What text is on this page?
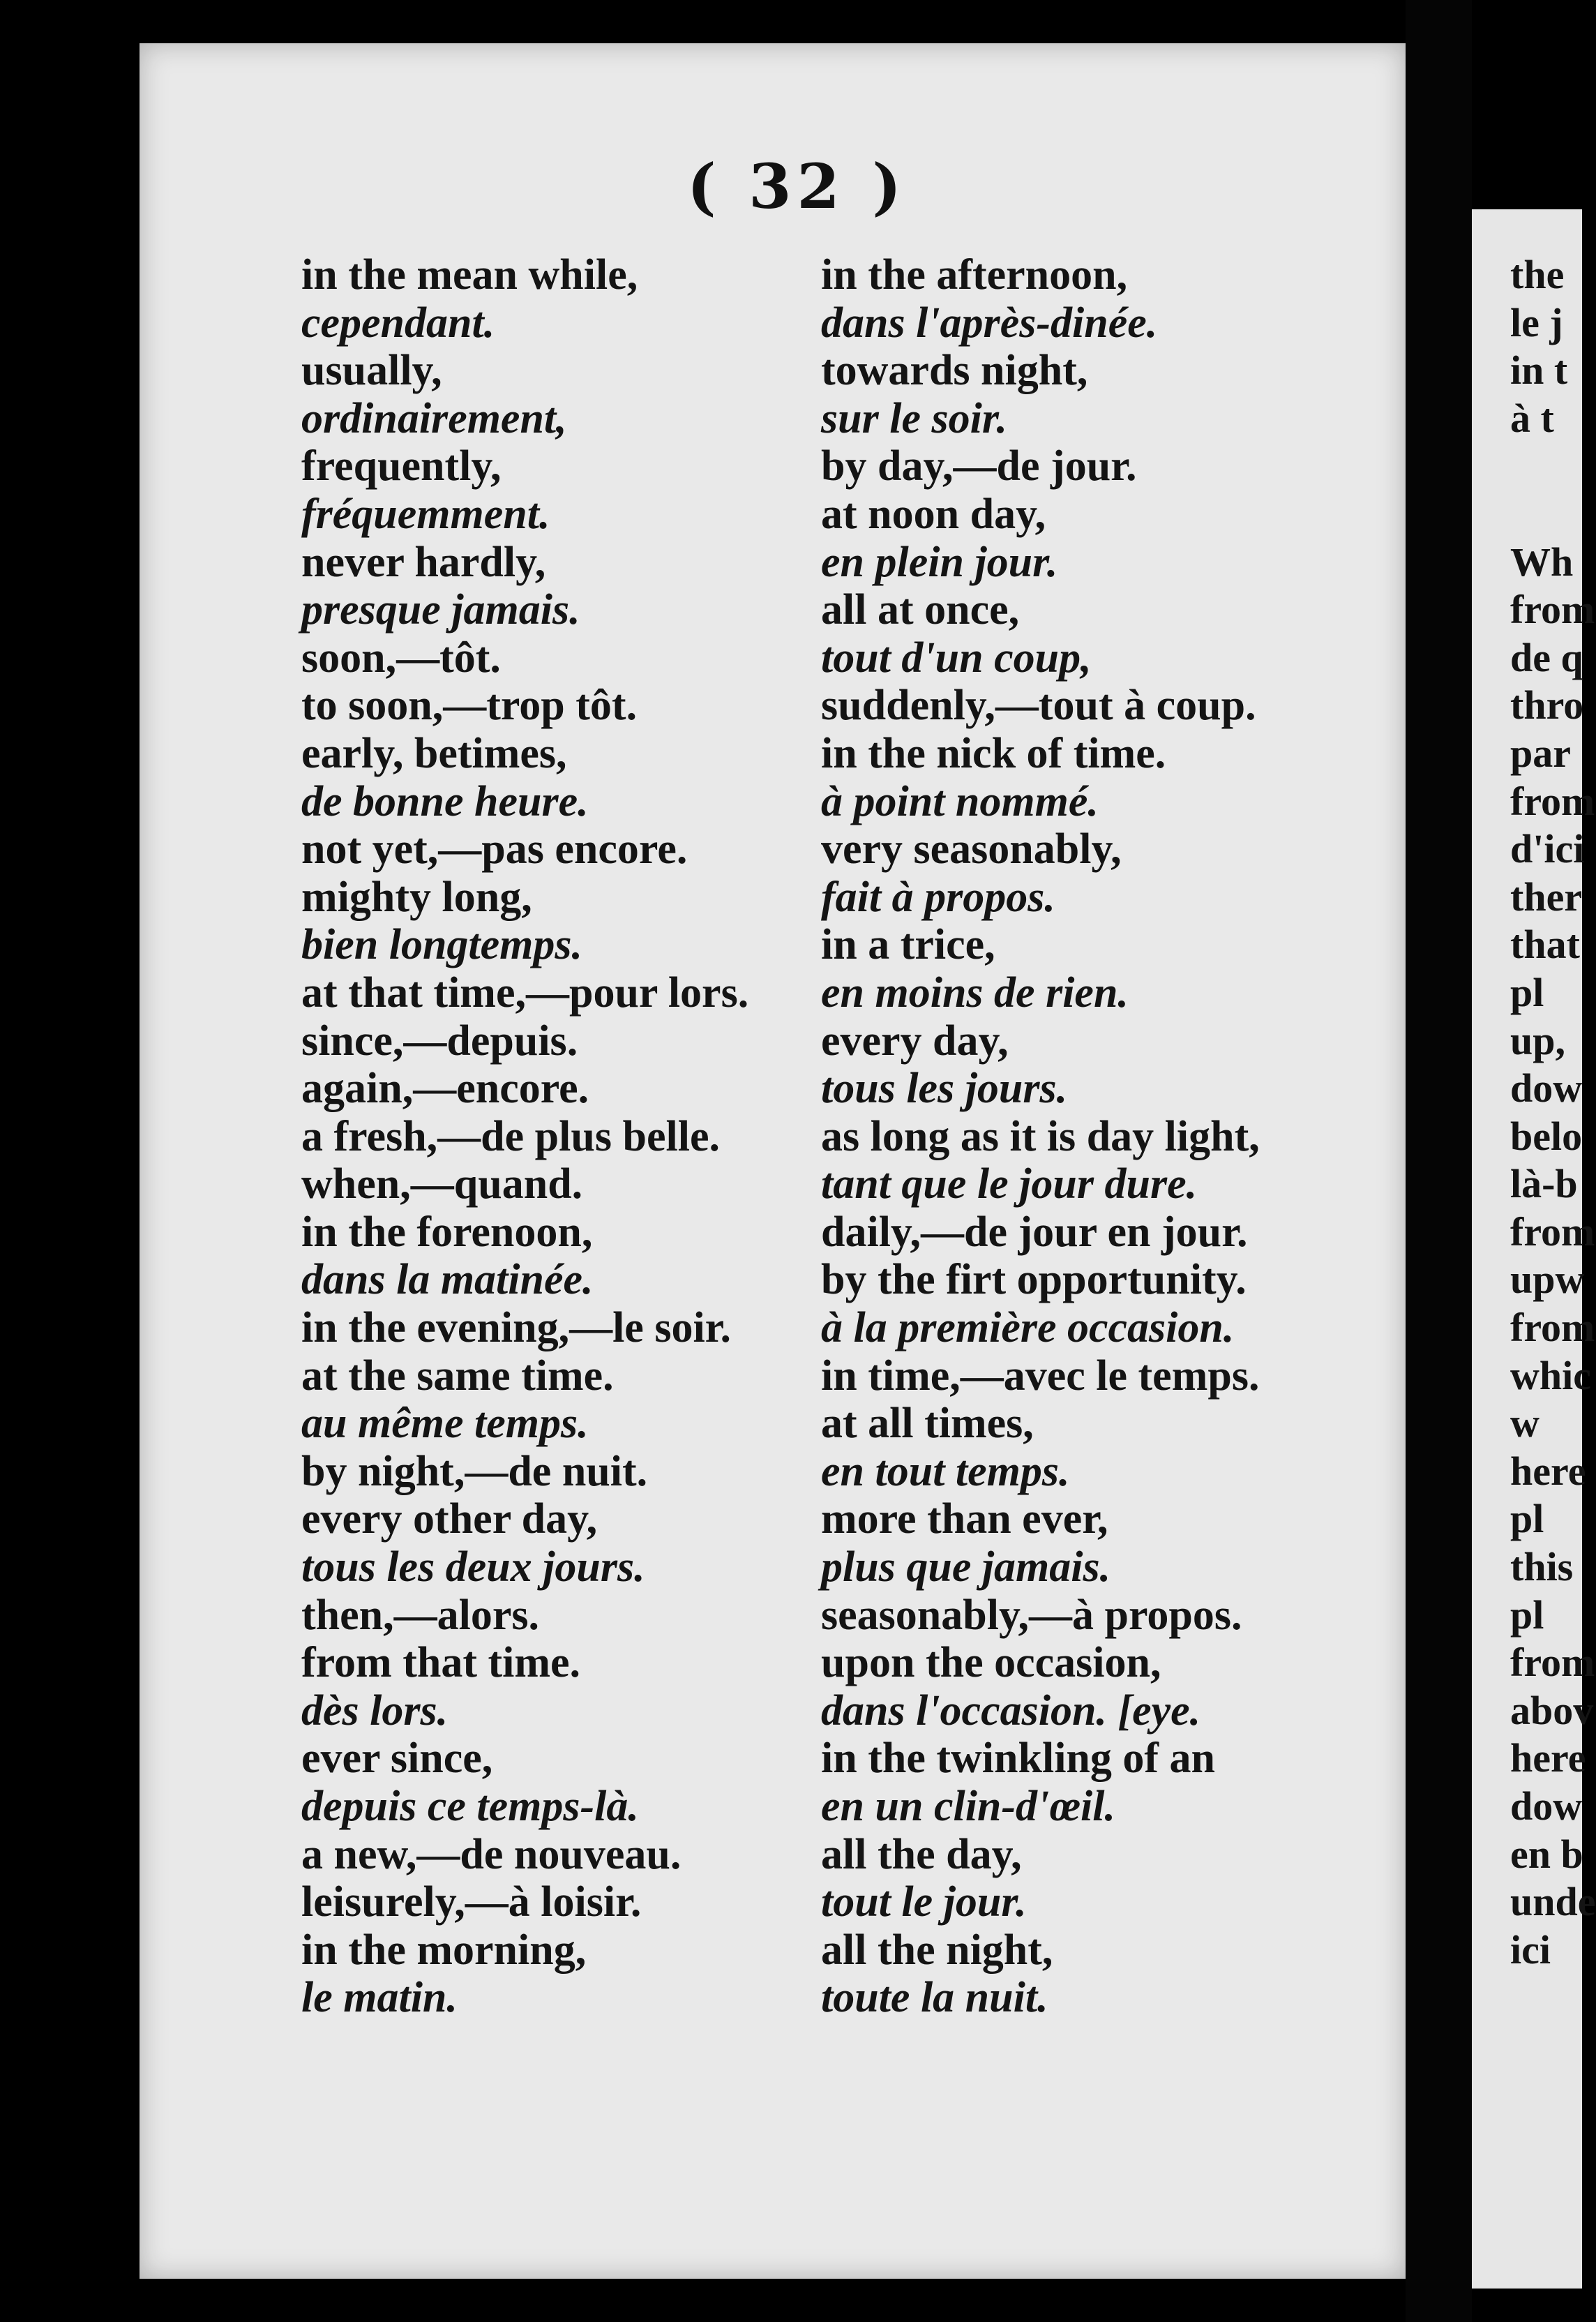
( 32 )
in the mean while,
cependant.
usually,
ordinairement,
frequently,
fréquemment.
never hardly,
presque jamais.
soon,—tôt.
to soon,—trop tôt.
early, betimes,
de bonne heure.
not yet,—pas encore.
mighty long,
bien longtemps.
at that time,—pour lors.
since,—depuis.
again,—encore.
a fresh,—de plus belle.
when,—quand.
in the forenoon,
dans la matinée.
in the evening,—le soir.
at the same time.
au même temps.
by night,—de nuit.
every other day,
tous les deux jours.
then,—alors.
from that time.
dès lors.
ever since,
depuis ce temps-là.
a new,—de nouveau.
leisurely,—à loisir.
in the morning,
le matin.
in the afternoon,
dans l'après-dinée.
towards night,
sur le soir.
by day,—de jour.
at noon day,
en plein jour.
all at once,
tout d'un coup,
suddenly,—tout à coup.
in the nick of time.
à point nommé.
very seasonably,
fait à propos.
in a trice,
en moins de rien.
every day,
tous les jours.
as long as it is day light,
tant que le jour dure.
daily,—de jour en jour.
by the firt opportunity.
à la première occasion.
in time,—avec le temps.
at all times,
en tout temps.
more than ever,
plus que jamais.
seasonably,—à propos.
upon the occasion,
dans l'occasion. [eye.
in the twinkling of an
en un clin-d'œil.
all the day,
tout le jour.
all the night,
toute la nuit.
the
le j
in t
à t
Wh
from
de q
thro
par
from
d'ici
ther
that
pl
up,
dow
belo
là-b
from
upw
from
whic
w
here
pl
this
pl
from
abov
here
dow
en b
unde
ici
